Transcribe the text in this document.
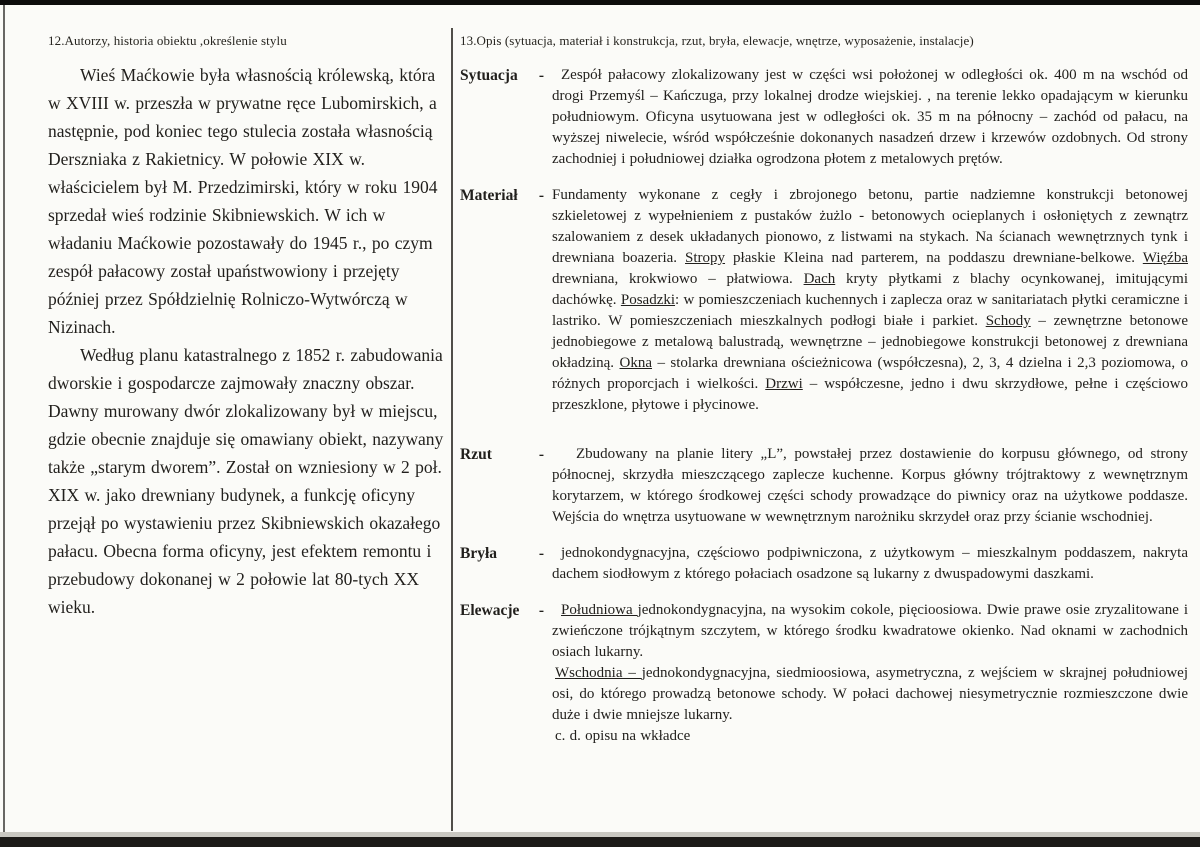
12.Autorzy, historia obiektu ,określenie stylu

Wieś Maćkowie była własnością królewską, która w XVIII w. przeszła w prywatne ręce Lubomirskich, a następnie, pod koniec tego stulecia została własnością Derszniaka z Rakietnicy. W połowie XIX w. właścicielem był M. Przedzimirski, który w roku 1904 sprzedał wieś rodzinie Skibniewskich. W ich w władaniu Maćkowie pozostawały do 1945 r., po czym zespół pałacowy został upaństwowiony i przejęty później przez Spółdzielnię Rolniczo-Wytwórczą w Nizinach.

Według planu katastralnego z 1852 r. zabudowania dworskie i gospodarcze zajmowały znaczny obszar. Dawny murowany dwór zlokalizowany był w miejscu, gdzie obecnie znajduje się omawiany obiekt, nazywany także „starym dworem”. Został on wzniesiony w 2 poł. XIX w. jako drewniany budynek, a funkcję oficyny przejął po wystawieniu przez Skibniewskich okazałego pałacu. Obecna forma oficyny, jest efektem remontu i przebudowy dokonanej w 2 połowie lat 80-tych XX wieku.

13.Opis (sytuacja, materiał i konstrukcja, rzut, bryła, elewacje, wnętrze, wyposażenie, instalacje)
Sytuacja -	Zespół pałacowy zlokalizowany jest w części wsi położonej w odległości ok. 400 m na wschód od drogi Przemyśl – Kańczuga, przy lokalnej drodze wiejskiej. , na terenie lekko opadającym w kierunku południowym. Oficyna usytuowana jest w odległości ok. 35 m na północny – zachód od pałacu, na wyższej niwelecie, wśród współcześnie dokonanych nasadzeń drzew i krzewów ozdobnych. Od strony zachodniej i południowej działka ogrodzona płotem z metalowych prętów.

Materiał - Fundamenty wykonane z cegły i zbrojonego betonu, partie nadziemne konstrukcji betonowej szkieletowej z wypełnieniem z pustaków żużlo - betonowych ocieplanych i osłoniętych z zewnątrz szalowaniem z desek układanych pionowo, z listwami na stykach. Na ścianach wewnętrznych tynk i drewniana boazeria. Stropy płaskie Kleina nad parterem, na poddaszu drewniane-belkowe. Więźba drewniana, krokwiowo – płatwiowa. Dach kryty płytkami z blachy ocynkowanej, imitującymi dachówkę. Posadzki: w pomieszczeniach kuchennych i zaplecza oraz w sanitariatach płytki ceramiczne i lastriko. W pomieszczeniach mieszkalnych podłogi białe i parkiet. Schody – zewnętrzne betonowe jednobiegowe z metalową balustradą, wewnętrzne – jednobiegowe konstrukcji betonowej z drewniana okładziną. Okna – stolarka drewniana ościeżnicowa (współczesna), 2, 3, 4 dzielna i 2,3 poziomowa, o różnych proporcjach i wielkości. Drzwi – współczesne, jedno i dwu skrzydłowe, pełne i częściowo przeszklone, płytowe i płycinowe.

Rzut	-	Zbudowany na planie litery „L”, powstałej przez dostawienie do korpusu głównego, od strony północnej, skrzydła mieszczącego zaplecze kuchenne. Korpus główny trójtraktowy z wewnętrznym korytarzem, w którego środkowej części schody prowadzące do piwnicy oraz na użytkowe poddasze. Wejścia do wnętrza usytuowane w wewnętrznym narożniku skrzydeł oraz przy ścianie wschodniej.

Bryła	-	jednokondygnacyjna, częściowo podpiwniczona, z użytkowym – mieszkalnym poddaszem, nakryta dachem siodłowym z którego połaciach osadzone są lukarny z dwuspadowymi daszkami.

Elewacje -	Południowa jednokondygnacyjna, na wysokim cokole, pięcioosiowa. Dwie prawe osie zryzalitowane i zwieńczone trójkątnym szczytem, w którego środku kwadratowe okienko. Nad oknami w zachodnich osiach lukarny.

Wschodnia – jednokondygnacyjna, siedmioosiowa, asymetryczna, z wejściem w skrajnej południowej osi, do którego prowadzą betonowe schody. W połaci dachowej niesymetrycznie rozmieszczone dwie duże i dwie mniejsze lukarny.

c. d. opisu na wkładce
